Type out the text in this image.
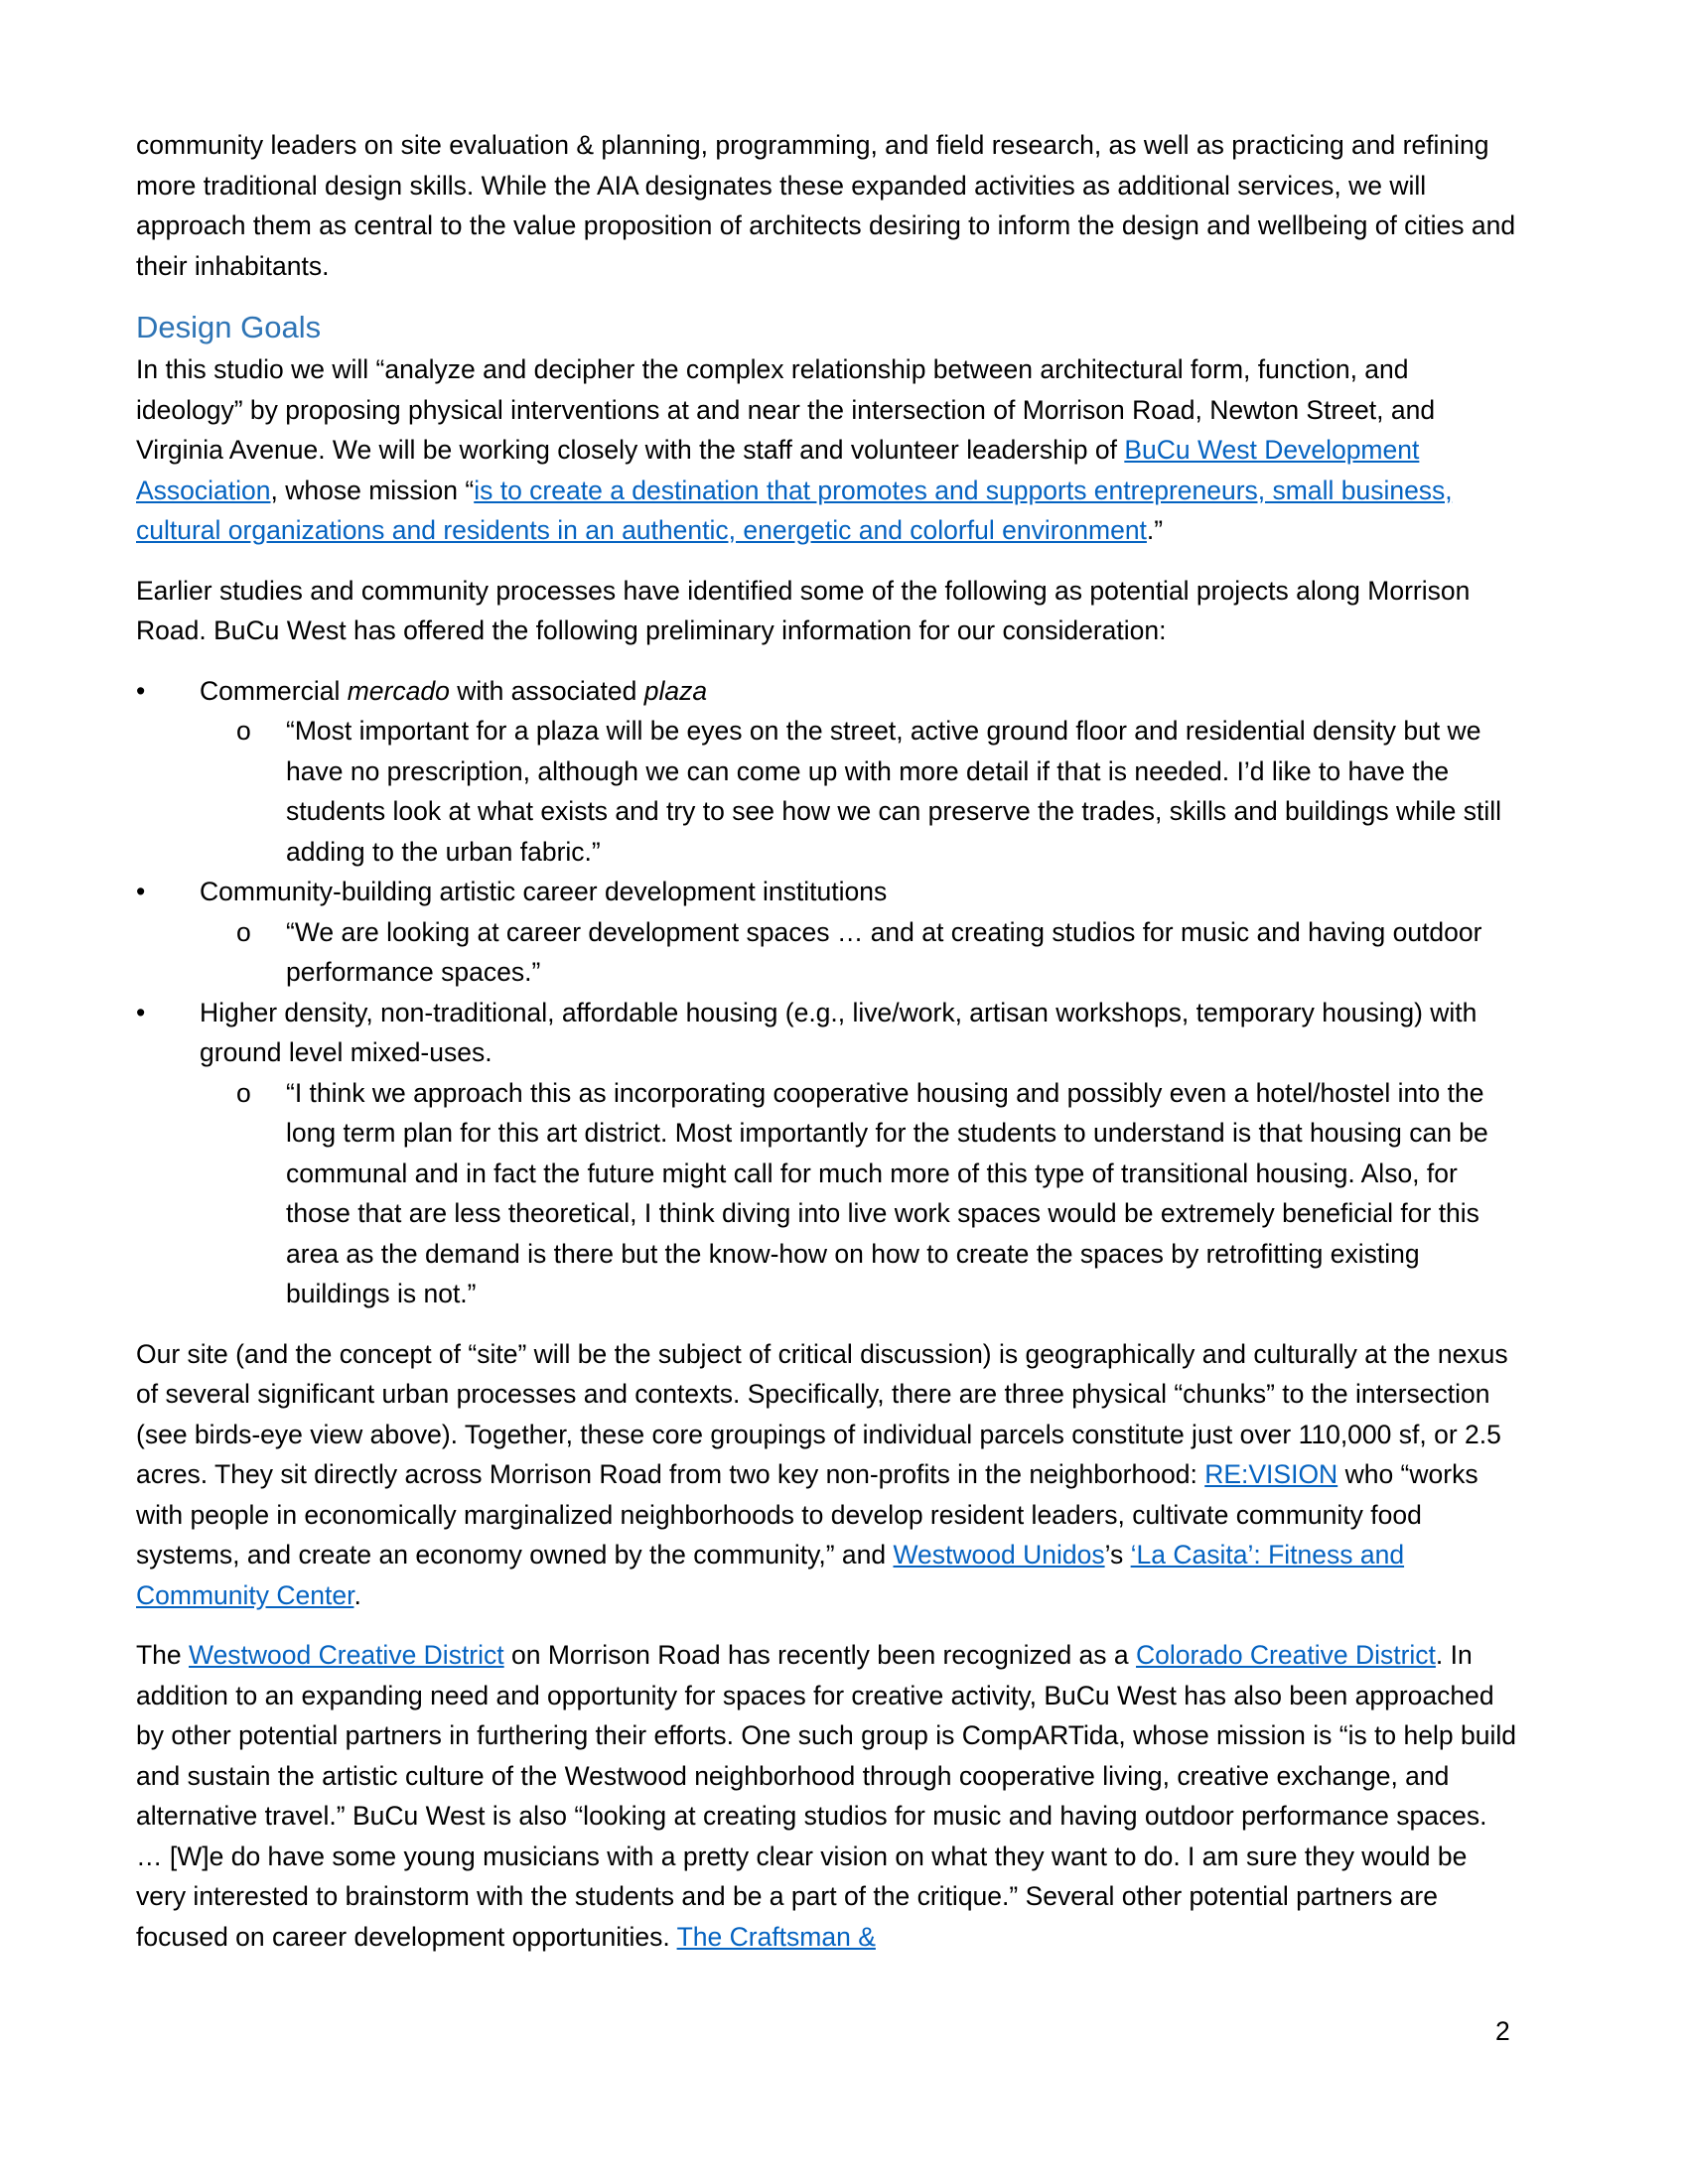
community leaders on site evaluation & planning, programming, and field research, as well as practicing and refining more traditional design skills. While the AIA designates these expanded activities as additional services, we will approach them as central to the value proposition of architects desiring to inform the design and wellbeing of cities and their inhabitants.

Design Goals

In this studio we will “analyze and decipher the complex relationship between architectural form, function, and ideology” by proposing physical interventions at and near the intersection of Morrison Road, Newton Street, and Virginia Avenue. We will be working closely with the staff and volunteer leadership of BuCu West Development Association, whose mission “is to create a destination that promotes and supports entrepreneurs, small business, cultural organizations and residents in an authentic, energetic and colorful environment.”

Earlier studies and community processes have identified some of the following as potential projects along Morrison Road. BuCu West has offered the following preliminary information for our consideration:

•	Commercial mercado with associated plaza
o “Most important for a plaza will be eyes on the street, active ground floor and residential density but we have no prescription, although we can come up with more detail if that is needed. I’d like to have the students look at what exists and try to see how we can preserve the trades, skills and buildings while still adding to the urban fabric.”
•	Community-building artistic career development institutions
o “We are looking at career development spaces … and at creating studios for music and having outdoor performance spaces.”
•	Higher density, non-traditional, affordable housing (e.g., live/work, artisan workshops, temporary housing) with ground level mixed-uses.
o “I think we approach this as incorporating cooperative housing and possibly even a hotel/hostel into the long term plan for this art district. Most importantly for the students to understand is that housing can be communal and in fact the future might call for much more of this type of transitional housing. Also, for those that are less theoretical, I think diving into live work spaces would be extremely beneficial for this area as the demand is there but the know-how on how to create the spaces by retrofitting existing buildings is not.”

Our site (and the concept of “site” will be the subject of critical discussion) is geographically and culturally at the nexus of several significant urban processes and contexts. Specifically, there are three physical “chunks” to the intersection (see birds-eye view above). Together, these core groupings of individual parcels constitute just over 110,000 sf, or 2.5 acres. They sit directly across Morrison Road from two key non-profits in the neighborhood: RE:VISION who “works with people in economically marginalized neighborhoods to develop resident leaders, cultivate community food systems, and create an economy owned by the community,” and Westwood Unidos’s ‘La Casita’: Fitness and Community Center.

The Westwood Creative District on Morrison Road has recently been recognized as a Colorado Creative District. In addition to an expanding need and opportunity for spaces for creative activity, BuCu West has also been approached by other potential partners in furthering their efforts. One such group is CompARTida, whose mission is “is to help build and sustain the artistic culture of the Westwood neighborhood through cooperative living, creative exchange, and alternative travel.” BuCu West is also “looking at creating studios for music and having outdoor performance spaces. … [W]e do have some young musicians with a pretty clear vision on what they want to do. I am sure they would be very interested to brainstorm with the students and be a part of the critique.” Several other potential partners are focused on career development opportunities. The Craftsman &

2
